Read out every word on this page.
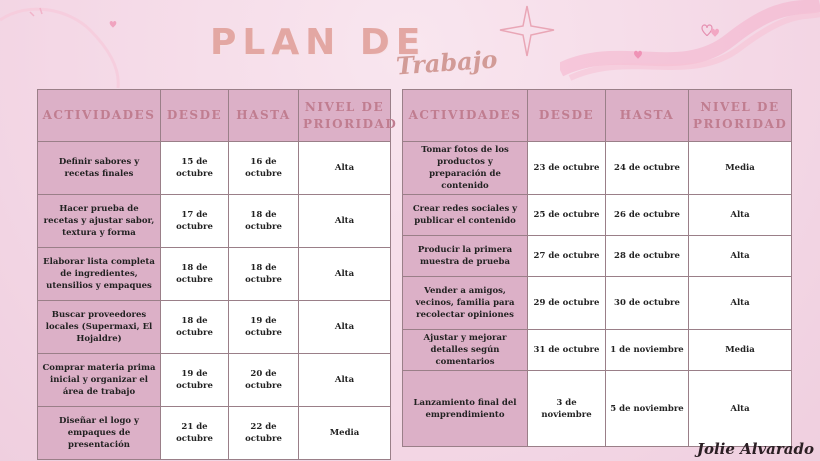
PLAN DE
Trabajo
ACTIVIDADES	DESDE	HASTA	NIVEL DE PRIORIDAD
Definir sabores y recetas finales	15 de octubre	16 de octubre	Alta
Hacer prueba de recetas y ajustar sabor, textura y forma	17 de octubre	18 de octubre	Alta
Elaborar lista completa de ingredientes, utensilios y empaques	18 de octubre	18 de octubre	Alta
Buscar proveedores locales (Supermaxi, El Hojaldre)	18 de octubre	19 de octubre	Alta
Comprar materia prima inicial y organizar el área de trabajo	19 de octubre	20 de octubre	Alta
Diseñar el logo y empaques de presentación	21 de octubre	22 de octubre	Media
ACTIVIDADES	DESDE	HASTA	NIVEL DE PRIORIDAD
Tomar fotos de los productos y preparación de contenido	23 de octubre	24 de octubre	Media
Crear redes sociales y publicar el contenido	25 de octubre	26 de octubre	Alta
Producir la primera muestra de prueba	27 de octubre	28 de octubre	Alta
Vender a amigos, vecinos, familia para recolectar opiniones	29 de octubre	30 de octubre	Alta
Ajustar y mejorar detalles según comentarios	31 de octubre	1 de noviembre	Media
Lanzamiento final del emprendimiento	3 de noviembre	5 de noviembre	Alta
Jolie Alvarado
